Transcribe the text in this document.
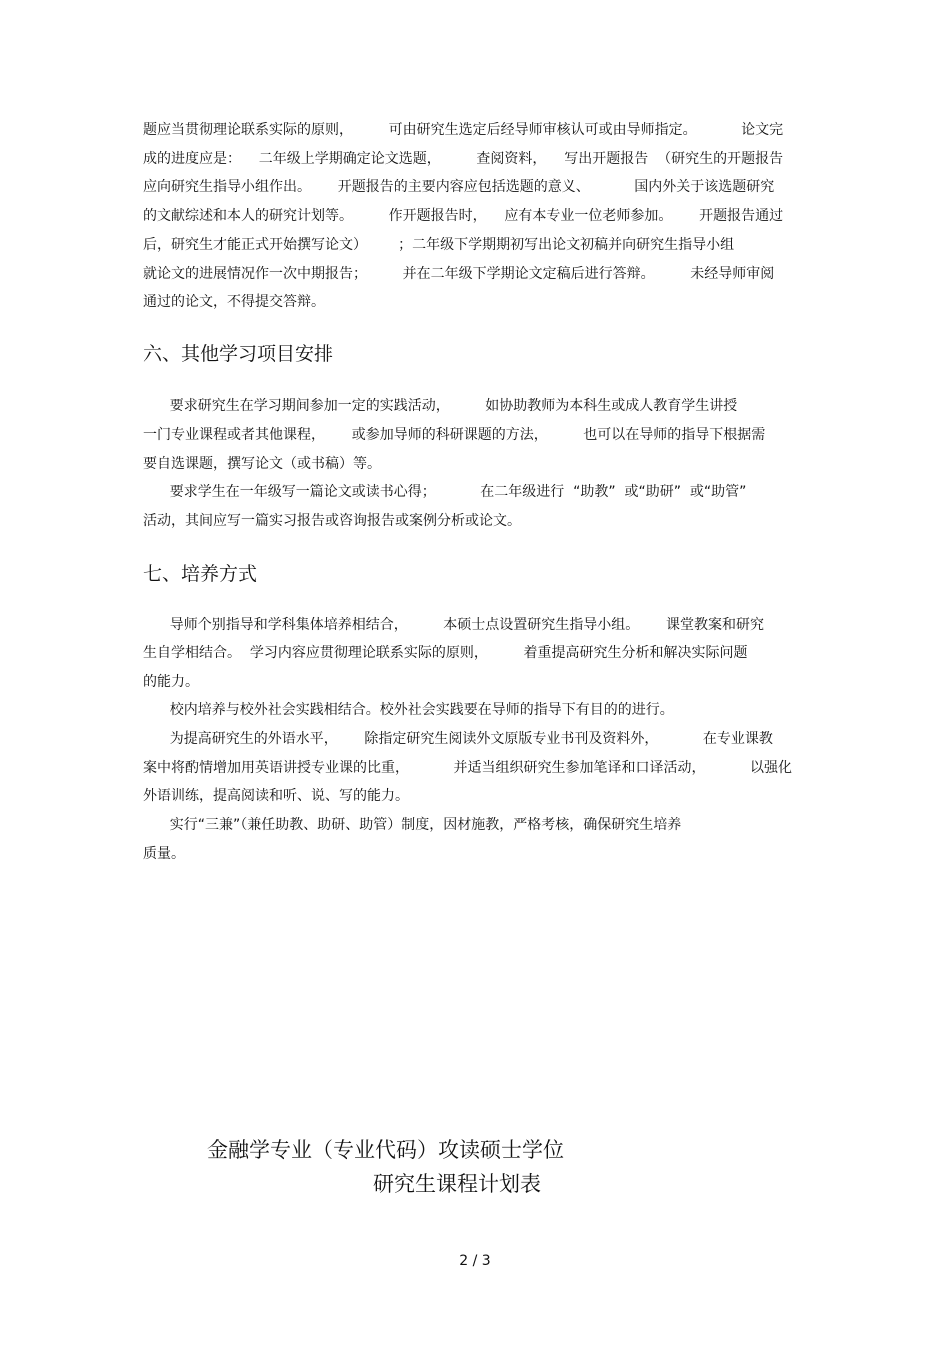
题应当贯彻理论联系实际的原则，        可由研究生选定后经导师审核认可或由导师指定。          论文完
成的进度应是：    二年级上学期确定论文选题，        查阅资料，    写出开题报告  （研究生的开题报告
应向研究生指导小组作出。      开题报告的主要内容应包括选题的意义、          国内外关于该选题研究
的文献综述和本人的研究计划等。        作开题报告时，    应有本专业一位老师参加。      开题报告通过
后，研究生才能正式开始撰写论文）       ；二年级下学期期初写出论文初稿并向研究生指导小组
就论文的进展情况作一次中期报告；        并在二年级下学期论文定稿后进行答辩。        未经导师审阅
通过的论文，不得提交答辩。
六、其他学习项目安排
要求研究生在学习期间参加一定的实践活动，        如协助教师为本科生或成人教育学生讲授
一门专业课程或者其他课程，      或参加导师的科研课题的方法，        也可以在导师的指导下根据需
要自选课题，撰写论文（或书稿）等。
要求学生在一年级写一篇论文或读书心得；          在二年级进行  “助教”  或“助研”  或“助管”
活动，其间应写一篇实习报告或咨询报告或案例分析或论文。
七、培养方式
导师个别指导和学科集体培养相结合，        本硕士点设置研究生指导小组。      课堂教案和研究
生自学相结合。  学习内容应贯彻理论联系实际的原则，        着重提高研究生分析和解决实际问题
的能力。
校内培养与校外社会实践相结合。校外社会实践要在导师的指导下有目的的进行。
为提高研究生的外语水平，      除指定研究生阅读外文原版专业书刊及资料外，          在专业课教
案中将酌情增加用英语讲授专业课的比重，          并适当组织研究生参加笔译和口译活动，          以强化
外语训练，提高阅读和听、说、写的能力。
实行“三兼”（兼任助教、助研、助管）制度，因材施教，严格考核，确保研究生培养
质量。
金融学专业（专业代码）攻读硕士学位
研究生课程计划表
2 / 3
